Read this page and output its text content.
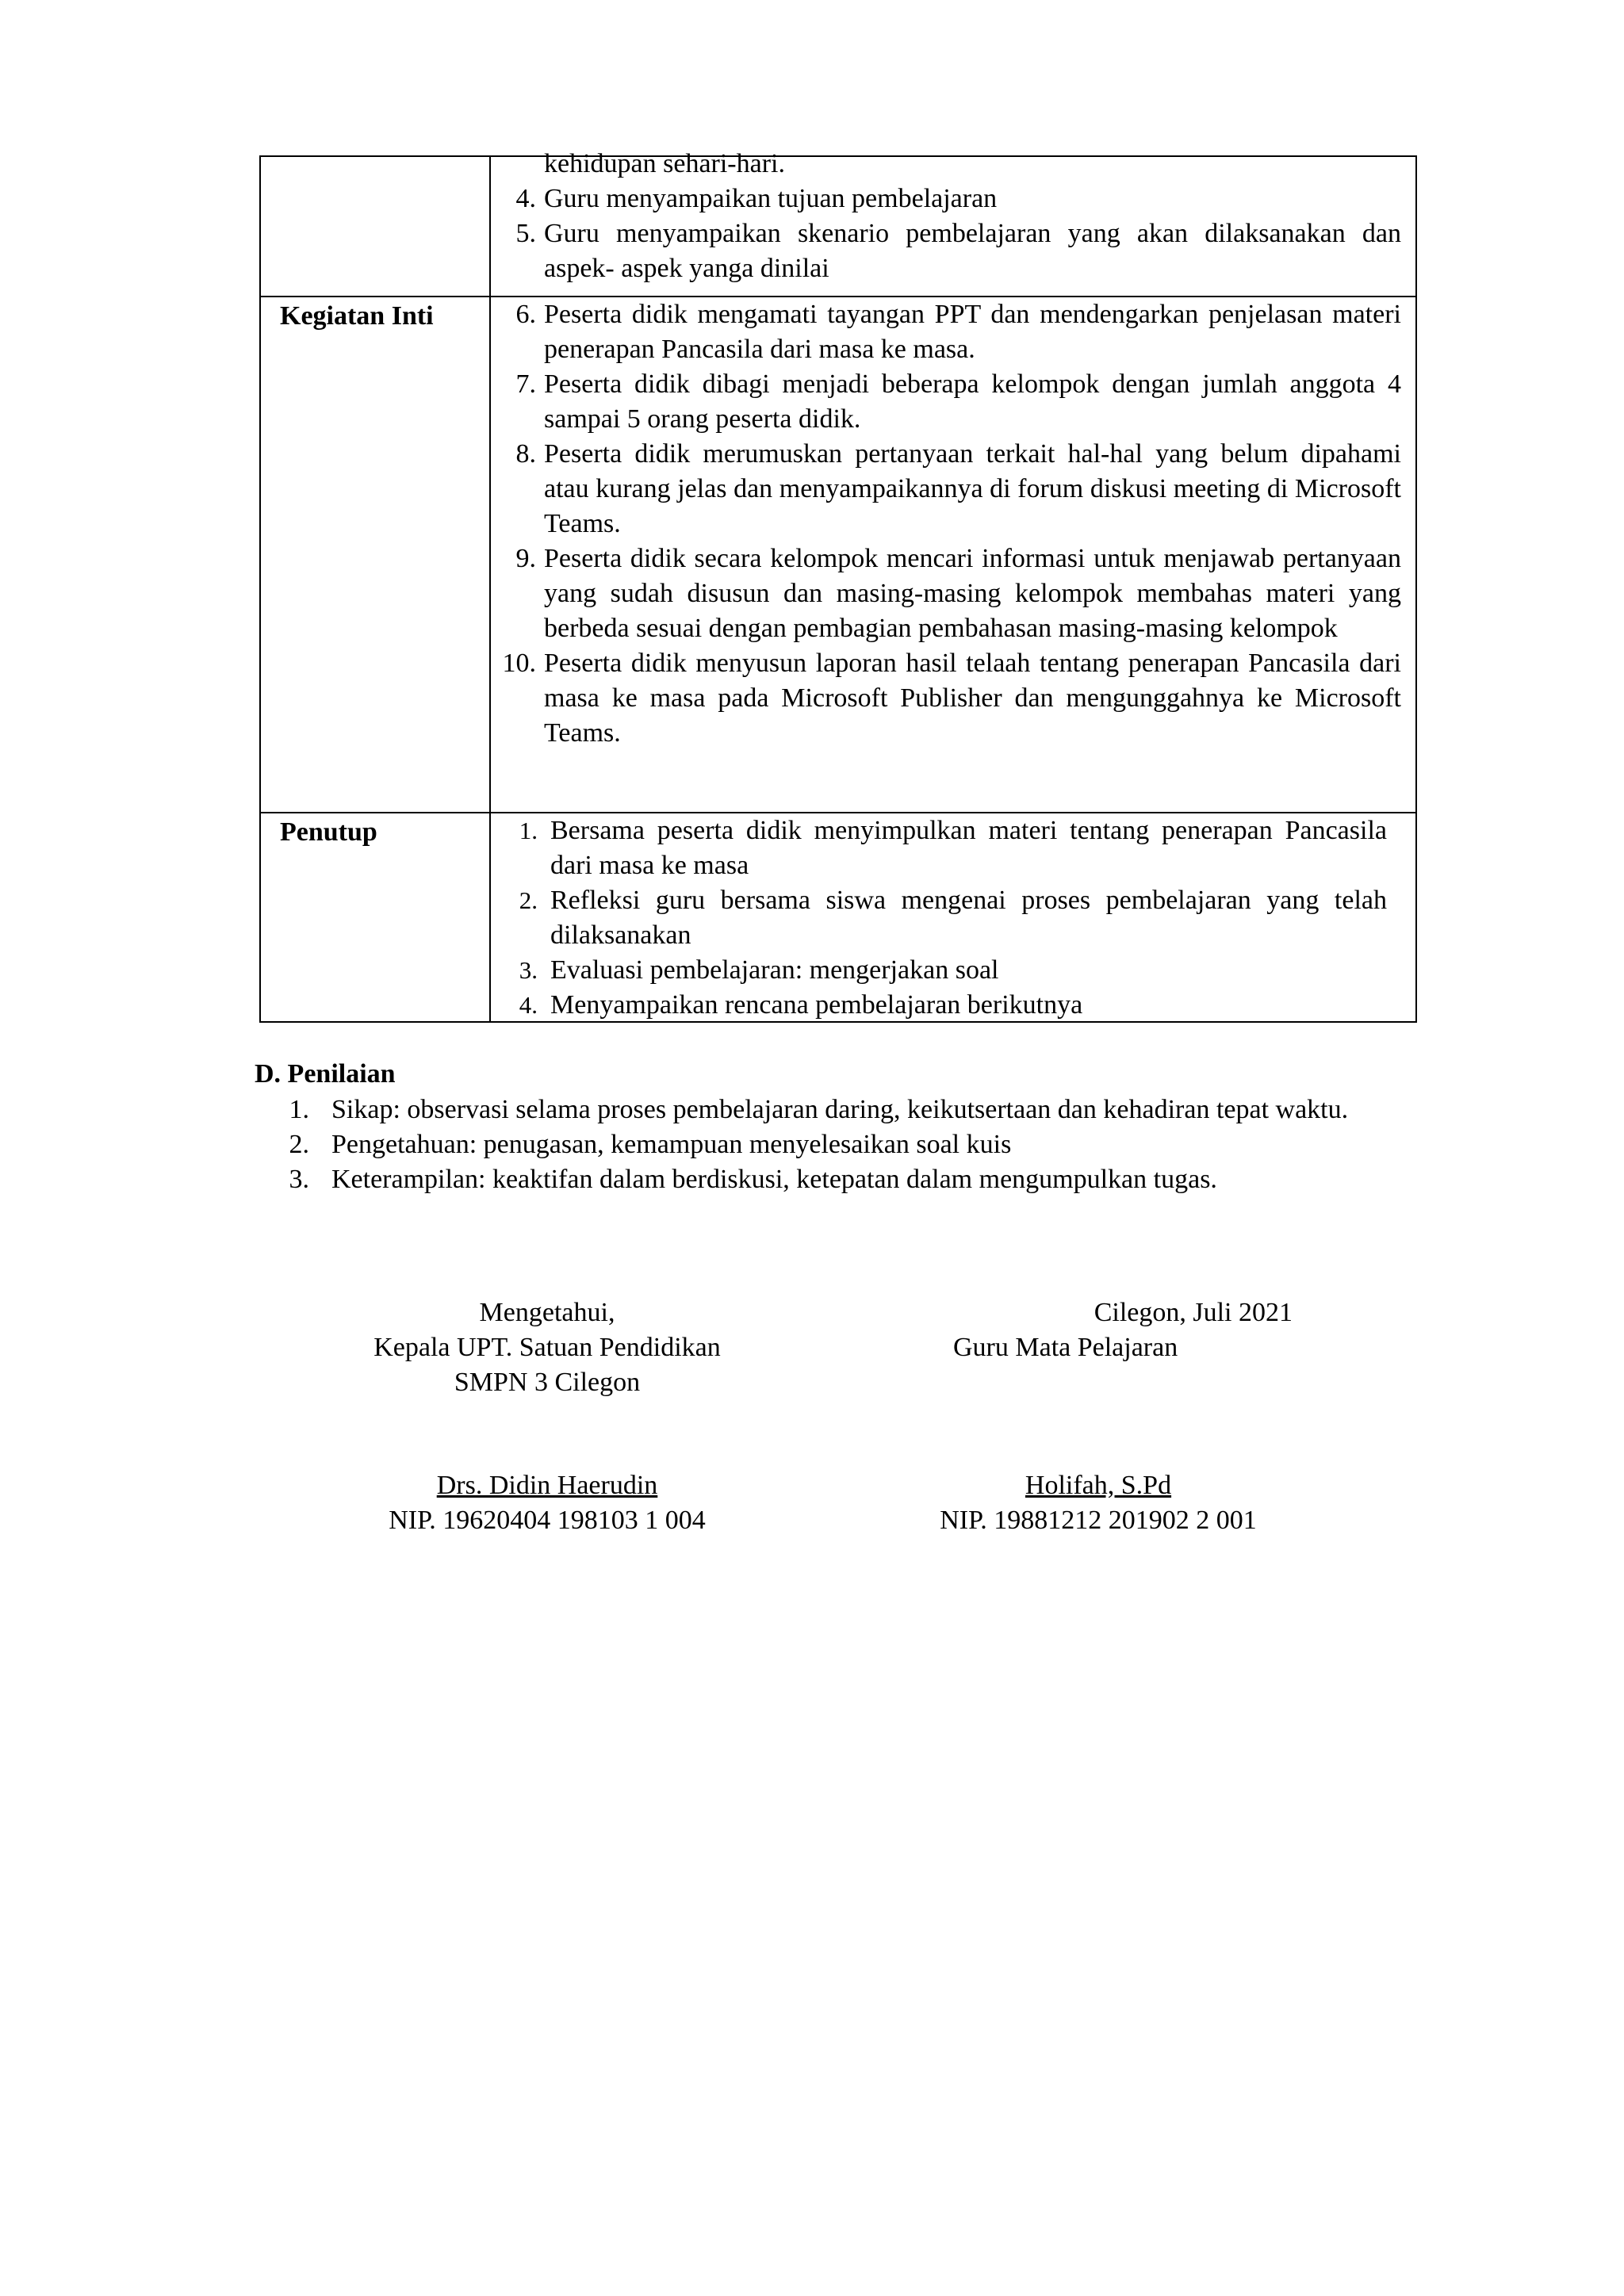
kehidupan sehari-hari.
4. Guru menyampaikan tujuan pembelajaran
5. Guru menyampaikan skenario pembelajaran yang akan dilaksanakan dan aspek- aspek yanga dinilai
Kegiatan Inti	6. Peserta didik mengamati tayangan PPT dan mendengarkan penjelasan materi penerapan Pancasila dari masa ke masa.
7. Peserta didik dibagi menjadi beberapa kelompok dengan jumlah anggota 4 sampai 5 orang peserta didik.
8. Peserta didik merumuskan pertanyaan terkait hal-hal yang belum dipahami atau kurang jelas dan menyampaikannya di forum diskusi meeting di Microsoft Teams.
9. Peserta didik secara kelompok mencari informasi untuk menjawab pertanyaan yang sudah disusun dan masing-masing kelompok membahas materi yang berbeda sesuai dengan pembagian pembahasan masing-masing kelompok
10. Peserta didik menyusun laporan hasil telaah tentang penerapan Pancasila dari masa ke masa pada Microsoft Publisher dan mengunggahnya ke Microsoft Teams.
Penutup	1. Bersama peserta didik menyimpulkan materi tentang penerapan Pancasila dari masa ke masa
2. Refleksi guru bersama siswa mengenai proses pembelajaran yang telah dilaksanakan
3. Evaluasi pembelajaran: mengerjakan soal
4. Menyampaikan rencana pembelajaran berikutnya
D. Penilaian
1. Sikap: observasi selama proses pembelajaran daring, keikutsertaan dan kehadiran tepat waktu.
2. Pengetahuan: penugasan, kemampuan menyelesaikan soal kuis
3. Keterampilan: keaktifan dalam berdiskusi, ketepatan dalam mengumpulkan tugas.
Mengetahui,
Kepala UPT. Satuan Pendidikan
SMPN 3 Cilegon
Cilegon, Juli 2021
Guru Mata Pelajaran
Drs. Didin Haerudin
NIP. 19620404 198103 1 004
Holifah, S.Pd
NIP. 19881212 201902 2 001
